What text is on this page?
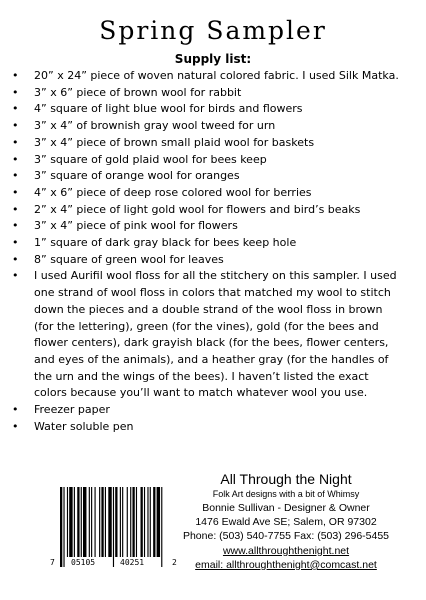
Spring Sampler
Supply list:
• 20” x 24” piece of woven natural colored fabric. I used Silk Matka.
• 3” x 6” piece of brown wool for rabbit
• 4” square of light blue wool for birds and flowers
• 3” x 4” of brownish gray wool tweed for urn
• 3” x 4” piece of brown small plaid wool for baskets
• 3” square of gold plaid wool for bees keep
• 3” square of orange wool for oranges
• 4” x 6” piece of deep rose colored wool for berries
• 2” x 4” piece of light gold wool for flowers and bird’s beaks
• 3” x 4” piece of pink wool for flowers
• 1” square of dark gray black for bees keep hole
• 8” square of green wool for leaves
• I used Aurifil wool floss for all the stitchery on this sampler. I used one strand of wool floss in colors that matched my wool to stitch down the pieces and a double strand of the wool floss in brown (for the lettering), green (for the vines), gold (for the bees and flower centers), dark grayish black (for the bees, flower centers, and eyes of the animals), and a heather gray (for the handles of the urn and the wings of the bees). I haven’t listed the exact colors because you’ll want to match whatever wool you use.
• Freezer paper
• Water soluble pen
7 05105	40251	2
All Through the Night
Folk Art designs with a bit of Whimsy
Bonnie Sullivan - Designer & Owner
1476 Ewald Ave SE; Salem, OR 97302
Phone: (503) 540-7755 Fax: (503) 296-5455
www.allthroughthenight.net
email: allthroughthenight@comcast.net
